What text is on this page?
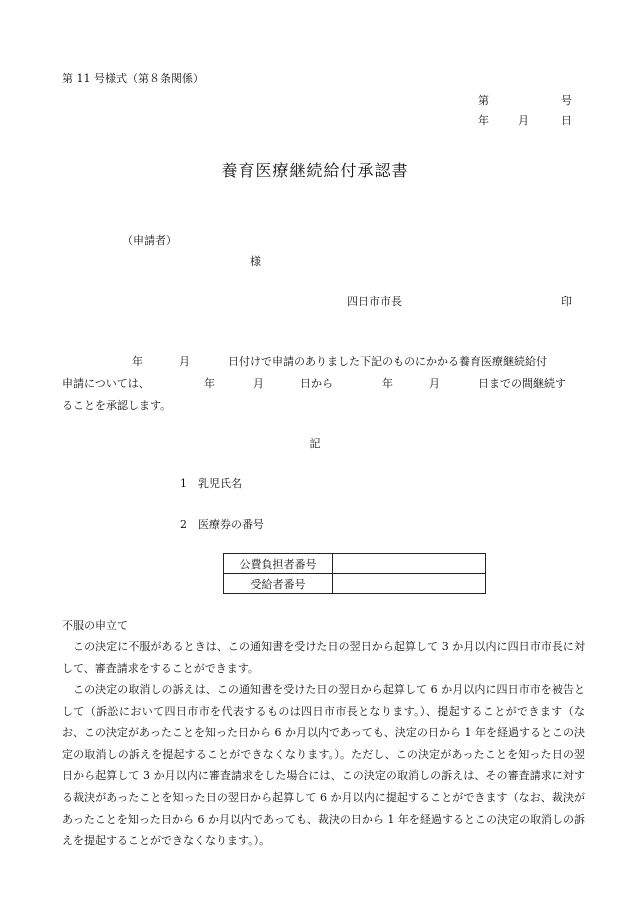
第 11 号様式（第８条関係）
第	号
年	月	日
養育医療継続給付承認書
（申請者）
様
四日市市長	印
年	月	日付けで申請のありました下記のものにかかる養育医療継続給付
申請については、	年	月	日から	年	月	日までの間継続す
ることを承認します。
記
1　乳児氏名
2　医療券の番号
公費負担者番号	
受給者番号	
不服の申立て
この決定に不服があるときは、この通知書を受けた日の翌日から起算して 3 か月以内に四日市市長に対して、審査請求をすることができます。
この決定の取消しの訴えは、この通知書を受けた日の翌日から起算して 6 か月以内に四日市市を被告として（訴訟において四日市市を代表するものは四日市市長となります。）、提起することができます（なお、この決定があったことを知った日から 6 か月以内であっても、決定の日から 1 年を経過するとこの決定の取消しの訴えを提起することができなくなります。）。ただし、この決定があったことを知った日の翌日から起算して 3 か月以内に審査請求をした場合には、この決定の取消しの訴えは、その審査請求に対する裁決があったことを知った日の翌日から起算して 6 か月以内に提起することができます（なお、裁決があったことを知った日から 6 か月以内であっても、裁決の日から 1 年を経過するとこの決定の取消しの訴えを提起することができなくなります。）。
